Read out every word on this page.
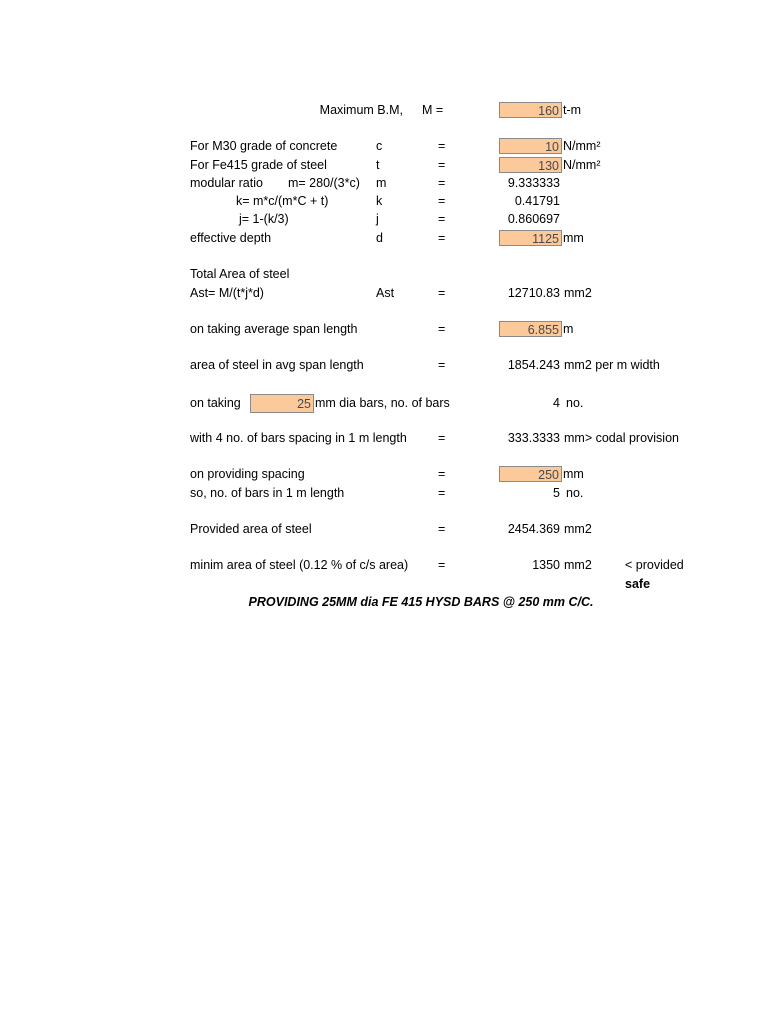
Maximum B.M, M =	160 t-m
For M30 grade of concrete	c	=	10 N/mm²
For Fe415 grade of steel	t	=	130 N/mm²
modular ratio m= 280/(3*c) m	=	9.333333
k= m*c/(m*C + t)	k	=	0.41791
j= 1-(k/3)	j	=	0.860697
effective depth	d	=	1125 mm
Total Area of steel
Ast= M/(t*j*d)	Ast	=	12710.83 mm2
on taking average span length	=	6.855 m
area of steel in avg span length	=	1854.243 mm2 per m width
on taking	25 mm dia bars, no. of bars	4 no.
with 4 no. of bars spacing in 1 m length =	333.3333 mm> codal provision
on providing spacing	=	250 mm
so, no. of bars in 1 m length	=	5 no.
Provided area of steel	=	2454.369 mm2
minim area of steel (0.12 % of c/s area) =	1350 mm2	< provided
safe
PROVIDING 25MM dia FE 415 HYSD BARS @ 250 mm C/C.
